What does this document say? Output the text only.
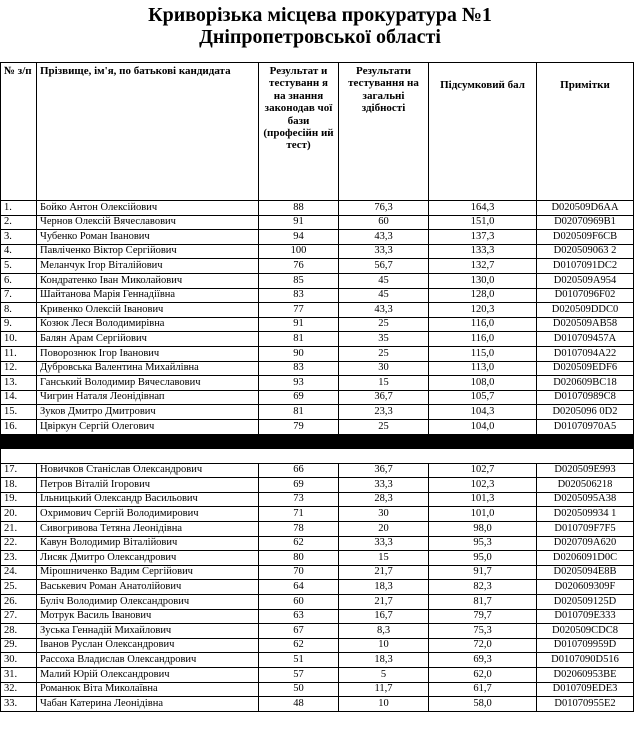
Криворізька місцева прокуратура №1
Дніпропетровської області
№ з/п	Прізвище, ім'я, по батькові кандидата	Результат и тестуванн я на знання законодав чої бази (професійн ий тест)	Результати тестування на загальні здібності	Підсумковий бал	Примітки
1.	Бойко Антон Олексійович	88	76,3	164,3	D020509D6AA
2.	Чернов Олексій Вячеславович	91	60	151,0	D02070969B1
3.	Чубенко Роман Іванович	94	43,3	137,3	D020509F6CB
4.	Павліченко Віктор Сергійович	100	33,3	133,3	D020509063 2
5.	Меланчук Ігор Віталійович	76	56,7	132,7	D0107091DC2
6.	Кондратенко Іван Миколайович	85	45	130,0	D020509A954
7.	Шайтанова Марія Геннадіївна	83	45	128,0	D0107096F02
8.	Кривенко Олексій Іванович	77	43,3	120,3	D020509DDC0
9.	Козюк Леся Володимирівна	91	25	116,0	D020509AB58
10.	Балян Арам Сергійович	81	35	116,0	D010709457A
11.	Поворознюк Ігор Іванович	90	25	115,0	D0107094A22
12.	Дубровська Валентина Михайлівна	83	30	113,0	D020509EDF6
13.	Ганський Володимир Вячеславович	93	15	108,0	D020609BC18
14.	Чигрин Наталя Леонідівнап	69	36,7	105,7	D01070989C8
15.	Зуков Дмитро Дмитрович	81	23,3	104,3	D0205096 0D2
16.	Цвіркун Сергій Олегович	79	25	104,0	D01070970A5

17.	Новичков Станіслав Олександрович	66	36,7	102,7	D020509E993
18.	Петров Віталій Ігорович	69	33,3	102,3	D020506218
19.	Ільницький Олександр Васильович	73	28,3	101,3	D0205095A38
20.	Охримович Сергій Володимирович	71	30	101,0	D020509934 1
21.	Сивогривова Тетяна Леонідівна	78	20	98,0	D010709F7F5
22.	Кавун Володимир Віталійович	62	33,3	95,3	D020709A620
23.	Лисяк Дмитро Олександрович	80	15	95,0	D0206091D0C
24.	Мірошниченко Вадим Сергійович	70	21,7	91,7	D0205094E8B
25.	Васькевич Роман Анатолійович	64	18,3	82,3	D020609309F
26.	Буліч Володимир Олександрович	60	21,7	81,7	D020509125D
27.	Мотрук Василь Іванович	63	16,7	79,7	D010709E333
28.	Зуська Геннадій Михайлович	67	8,3	75,3	D020509CDC8
29.	Іванов Руслан Олександрович	62	10	72,0	D010709959D
30.	Рассоха Владислав Олександрович	51	18,3	69,3	D0107090D516
31.	Малий Юрій Олександрович	57	5	62,0	D02060953BE
32.	Романюк Віта Миколаївна	50	11,7	61,7	D010709EDE3
33.	Чабан Катерина Леонідівна	48	10	58,0	D01070955E2
